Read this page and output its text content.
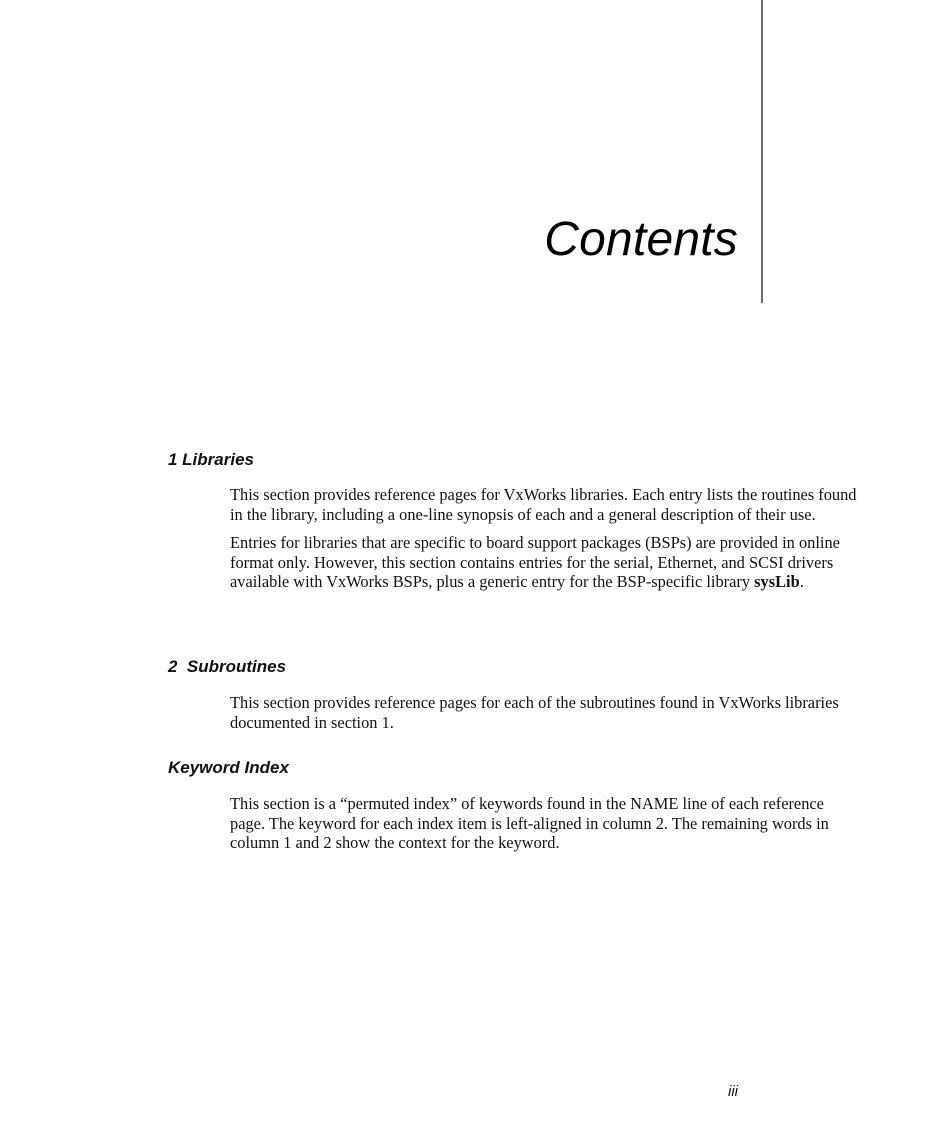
Contents
1 Libraries

This section provides reference pages for VxWorks libraries. Each entry lists the routines found in the library, including a one-line synopsis of each and a general description of their use.

Entries for libraries that are specific to board support packages (BSPs) are provided in online format only. However, this section contains entries for the serial, Ethernet, and SCSI drivers available with VxWorks BSPs, plus a generic entry for the BSP-specific library sysLib.

2  Subroutines

This section provides reference pages for each of the subroutines found in VxWorks libraries documented in section 1.

Keyword Index

This section is a “permuted index” of keywords found in the NAME line of each reference page. The keyword for each index item is left-aligned in column 2. The remaining words in column 1 and 2 show the context for the keyword.

iii
